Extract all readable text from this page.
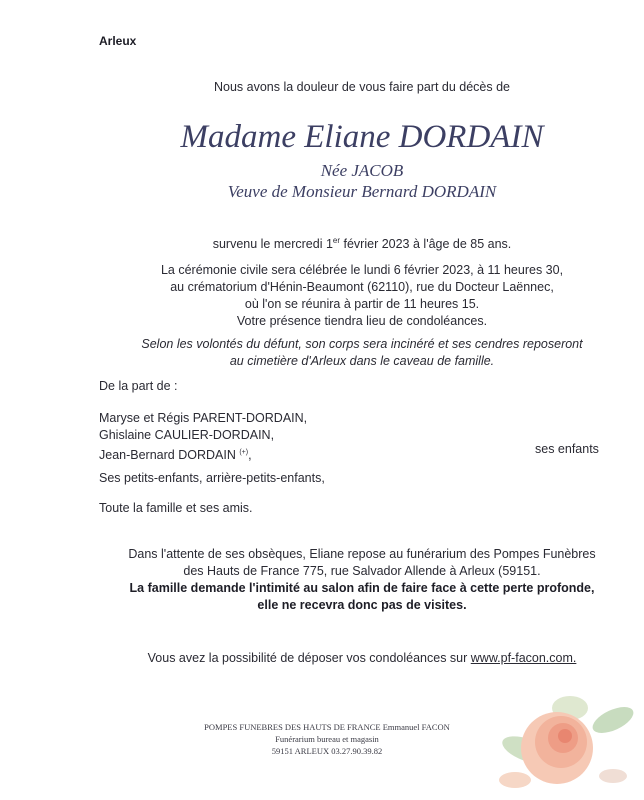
Arleux
Nous avons la douleur de vous faire part du décès de
Madame Eliane DORDAIN
Née JACOB
Veuve de Monsieur Bernard DORDAIN
survenu le mercredi 1er février 2023 à l'âge de 85 ans.
La cérémonie civile sera célébrée le lundi 6 février 2023, à 11 heures 30,
au crématorium d'Hénin-Beaumont (62110), rue du Docteur Laënnec,
où l'on se réunira à partir de 11 heures 15.
Votre présence tiendra lieu de condoléances.
Selon les volontés du défunt, son corps sera incinéré et ses cendres reposeront
au cimetière d'Arleux dans le caveau de famille.
De la part de :
Maryse et Régis PARENT-DORDAIN,
Ghislaine CAULIER-DORDAIN,
Jean-Bernard DORDAIN (+),	ses enfants
Ses petits-enfants, arrière-petits-enfants,
Toute la famille et ses amis.
Dans l'attente de ses obsèques, Eliane repose au funérarium des Pompes Funèbres
des Hauts de France 775, rue Salvador Allende à Arleux (59151.
La famille demande l'intimité au salon afin de faire face à cette perte profonde,
elle ne recevra donc pas de visites.
Vous avez la possibilité de déposer vos condoléances sur www.pf-facon.com.
POMPES FUNEBRES DES HAUTS DE FRANCE Emmanuel FACON
Funérarium bureau et magasin
59151 ARLEUX 03.27.90.39.82
